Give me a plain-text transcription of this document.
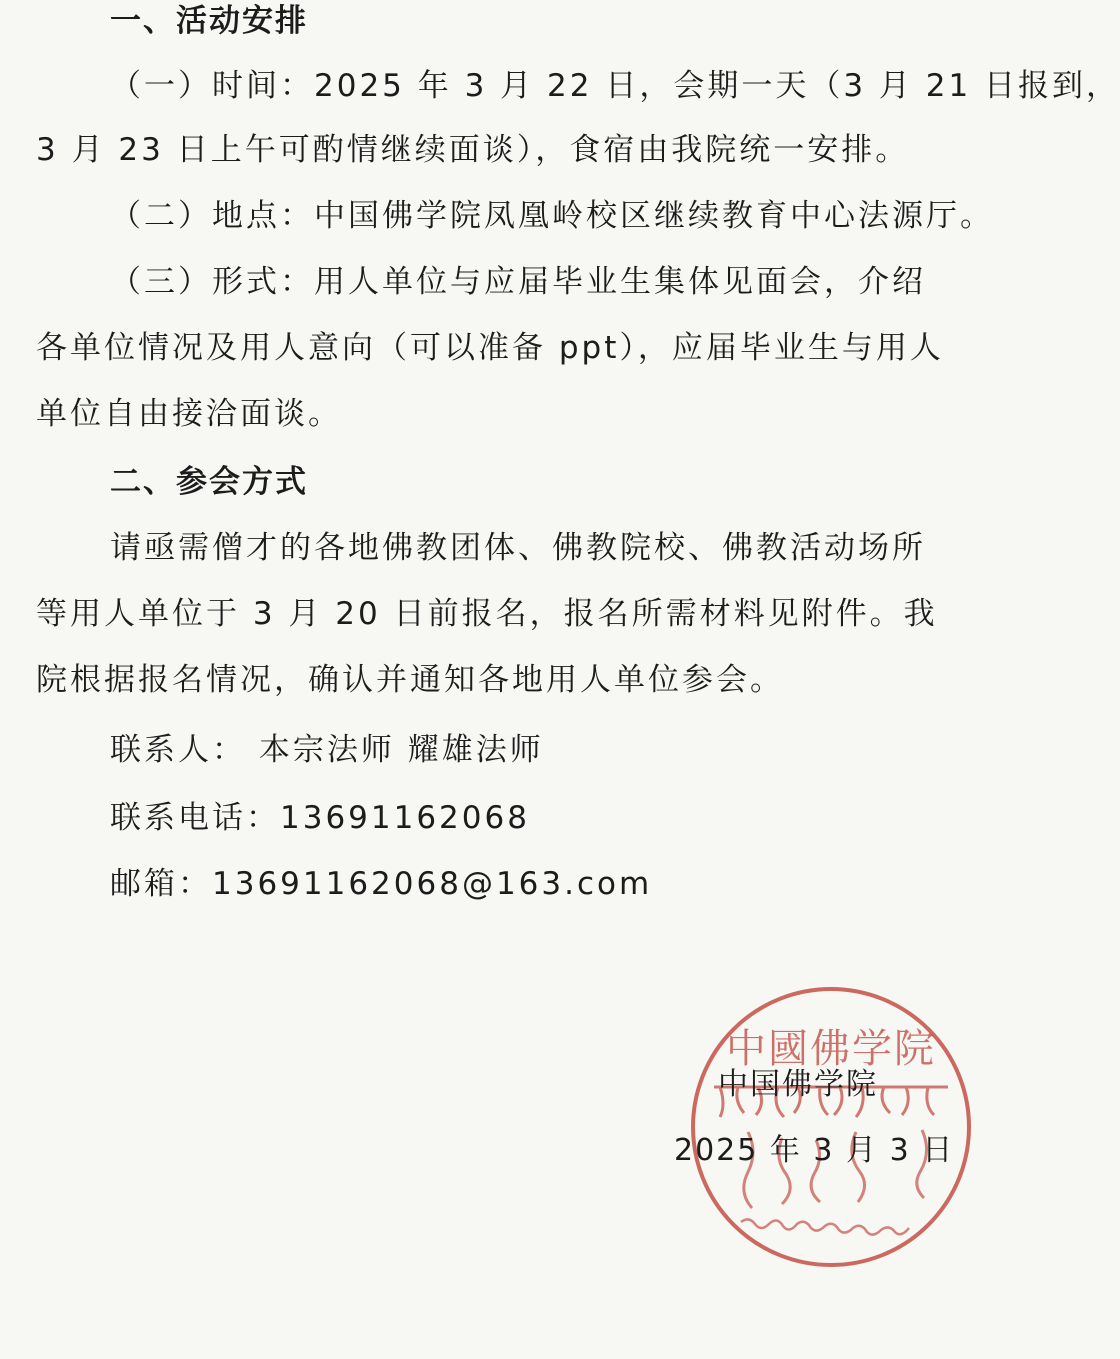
一、活动安排
（一）时间：2025 年 3 月 22 日，会期一天（3 月 21 日报到，
3 月 23 日上午可酌情继续面谈），食宿由我院统一安排。
（二）地点：中国佛学院凤凰岭校区继续教育中心法源厅。
（三）形式：用人单位与应届毕业生集体见面会，介绍
各单位情况及用人意向（可以准备 ppt），应届毕业生与用人
单位自由接洽面谈。
二、参会方式
请亟需僧才的各地佛教团体、佛教院校、佛教活动场所
等用人单位于 3 月 20 日前报名，报名所需材料见附件。我
院根据报名情况，确认并通知各地用人单位参会。
联系人： 本宗法师 耀雄法师
联系电话：13691162068
邮箱：13691162068@163.com
中國佛学院
中国佛学院
2025 年 3 月 3 日
